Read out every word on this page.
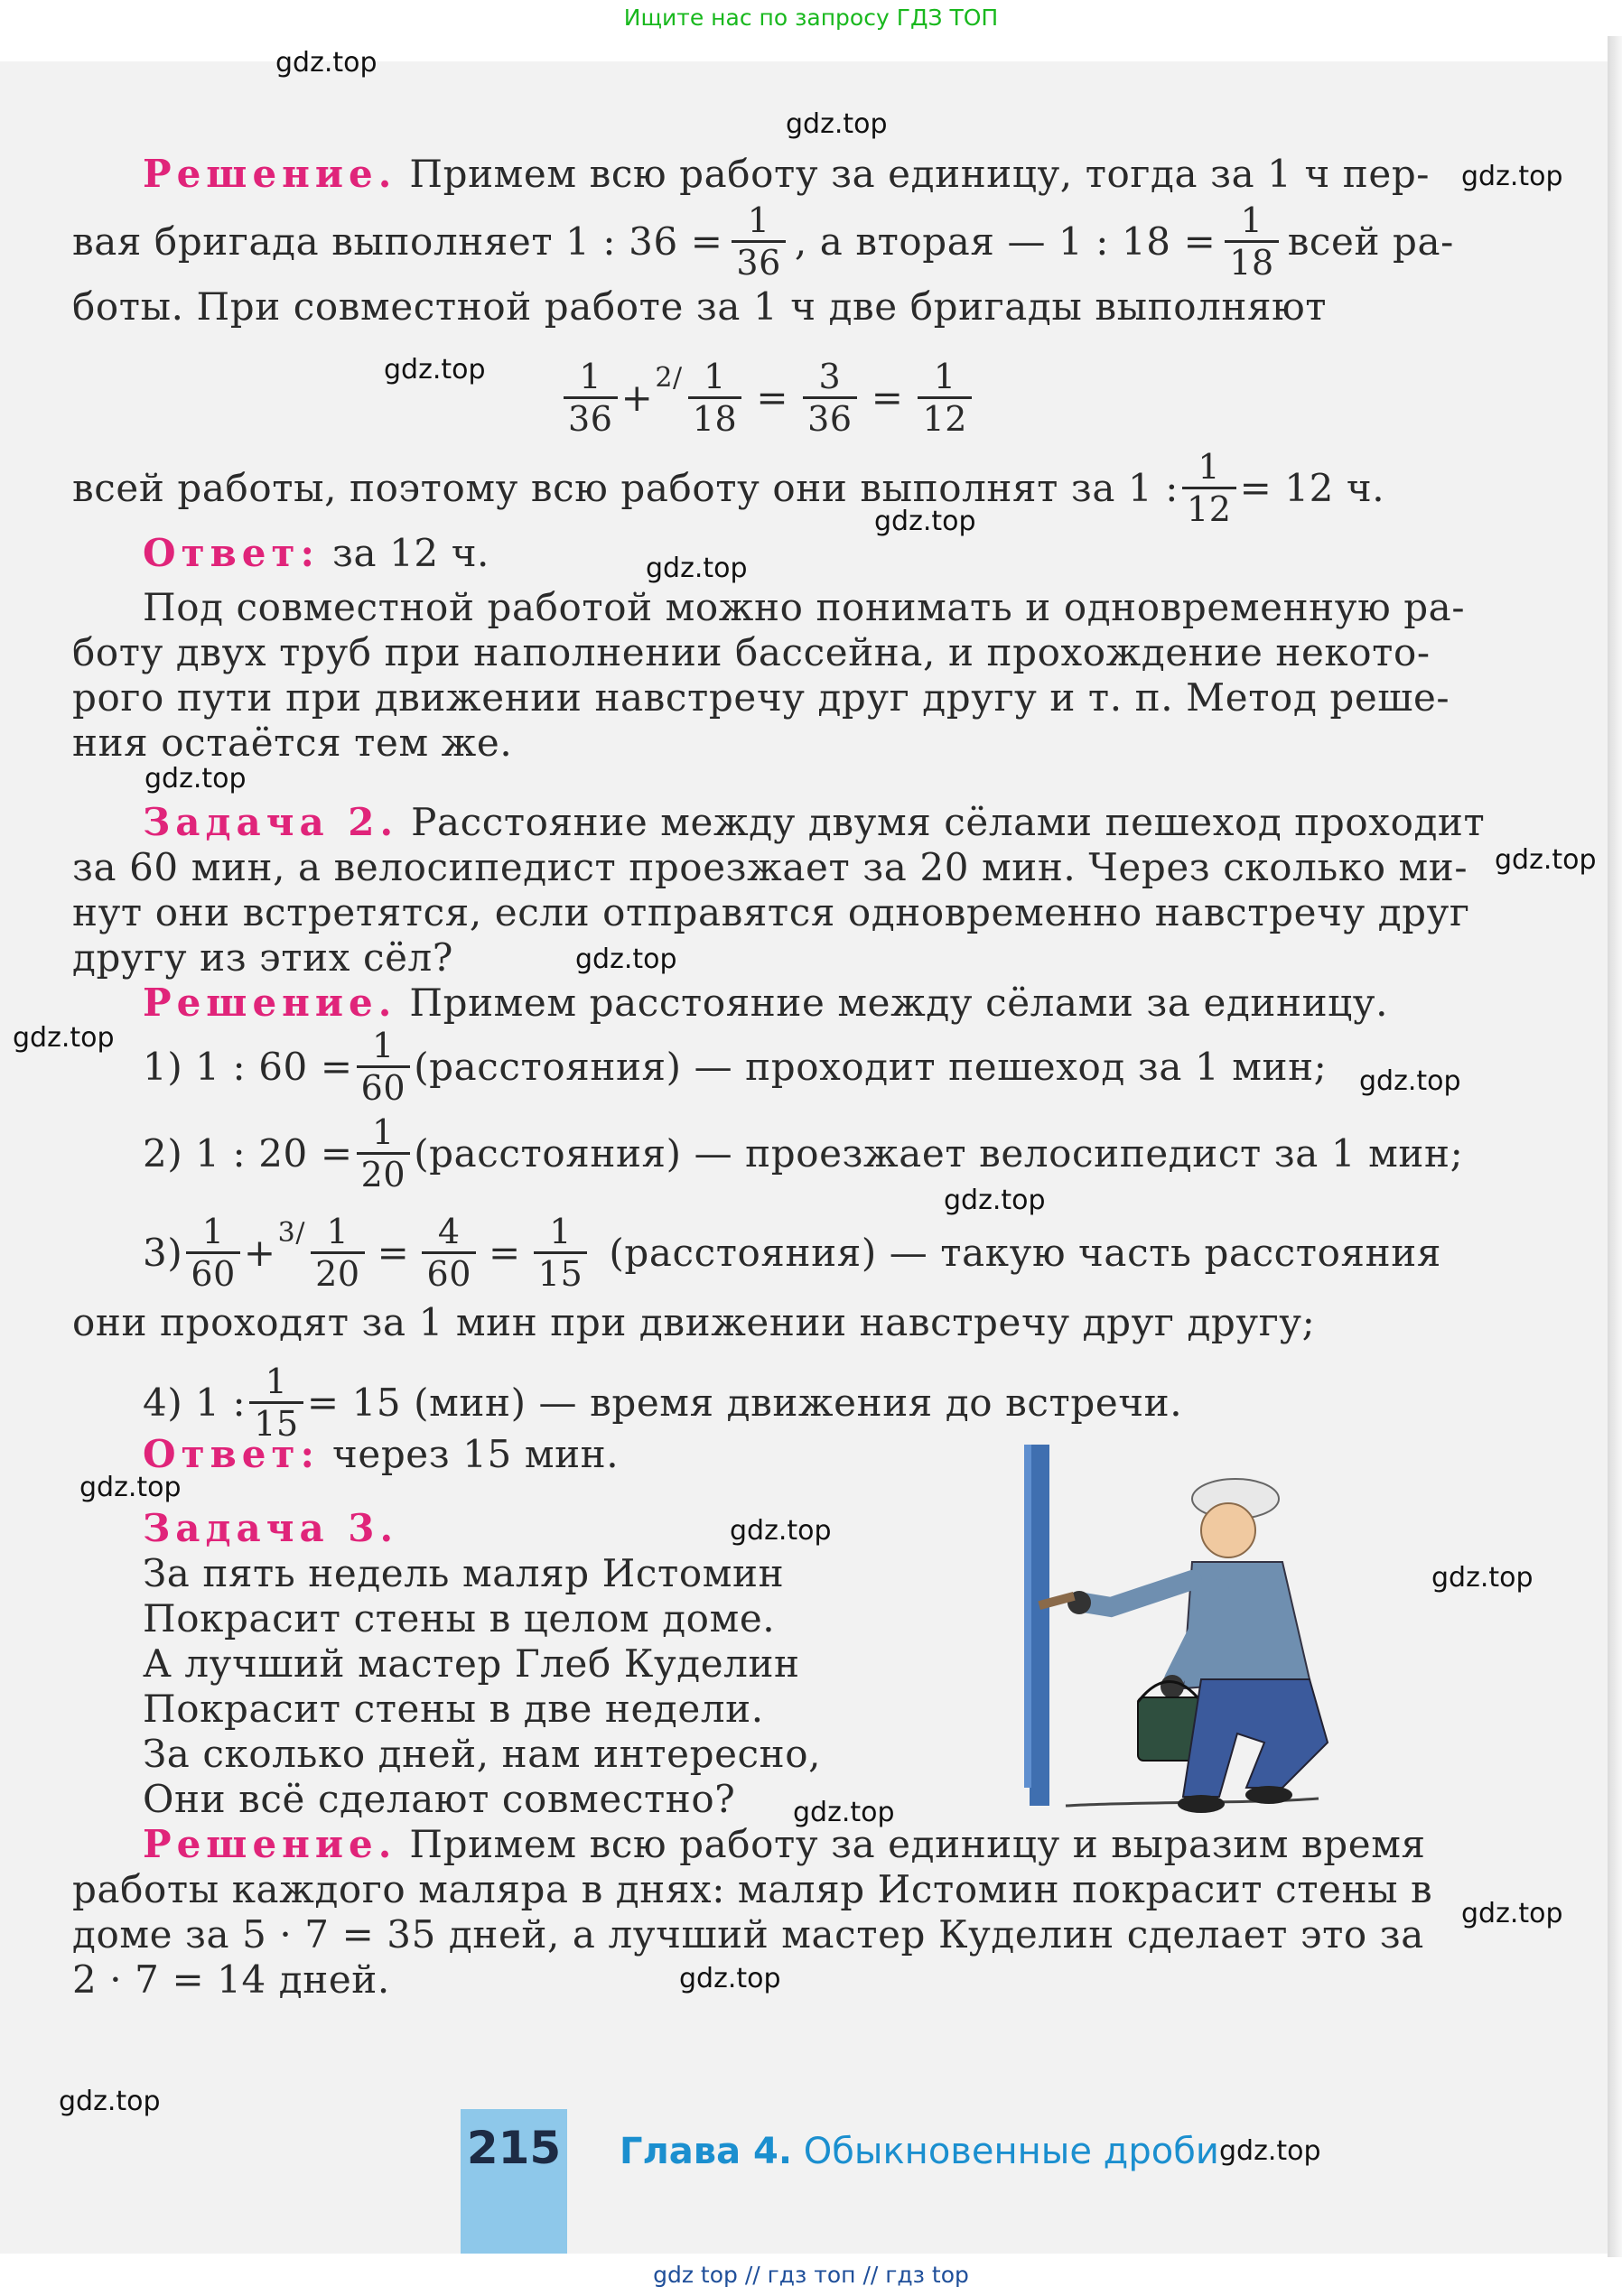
Ищите нас по запросу ГДЗ ТОП
Решение. Примем всю работу за единицу, тогда за 1 ч пер-
вая бригада выполняет 1 : $36 = \frac{1}{36}$ , а вторая — 1 : $18 = \frac{1}{18}$ всей ра-
боты. При совместной работе за 1 ч две бригады выполняют
$\frac{1}{36} + 2/ \frac{1}{18} = \frac{3}{36} = \frac{1}{12}$
всей работы, поэтому всю работу они выполнят за 1 : $\frac{1}{12} = 12$ ч.
Ответ: за 12 ч.
Под совместной работой можно понимать и одновременную ра-
боту двух труб при наполнении бассейна, и прохождение некото-
рого пути при движении навстречу друг другу и т. п. Метод реше-
ния остаётся тем же.
Задача 2. Расстояние между двумя сёлами пешеход проходит
за 60 мин, а велосипедист проезжает за 20 мин. Через сколько ми-
нут они встретятся, если отправятся одновременно навстречу друг
другу из этих сёл?
Решение. Примем расстояние между сёлами за единицу.
1) 1 : $60 = \frac{1}{60}$ (расстояния) — проходит пешеход за 1 мин;
2) 1 : $20 = \frac{1}{20}$ (расстояния) — проезжает велосипедист за 1 мин;
$3) \frac{1}{60} + 3/ \frac{1}{20} = \frac{4}{60} = \frac{1}{15}$ (расстояния) — такую часть расстояния
они проходят за 1 мин при движении навстречу друг другу;
4) 1 : $\frac{1}{15} = 15$ (мин) — время движения до встречи.
Ответ: через 15 мин.
Задача 3.
За пять недель маляр Истомин
Покрасит стены в целом доме.
А лучший мастер Глеб Куделин
Покрасит стены в две недели.
За сколько дней, нам интересно,
Они всё сделают совместно?
Решение. Примем всю работу за единицу и выразим время
работы каждого маляра в днях: маляр Истомин покрасит стены в
доме за 5 · 7 = 35 дней, а лучший мастер Куделин сделает это за
2 · 7 = 14 дней.
215 Глава 4. Обыкновенные дроби
gdz.top
gdz.top
gdz.top
gdz.top
gdz.top
gdz.top
gdz.top
gdz.top
gdz.top
gdz.top
gdz.top
gdz.top
gdz.top
gdz.top
gdz.top
gdz.top
gdz.top
gdz.top
gdz.top
gdz.top
gdz top // гдз топ // гдз top
